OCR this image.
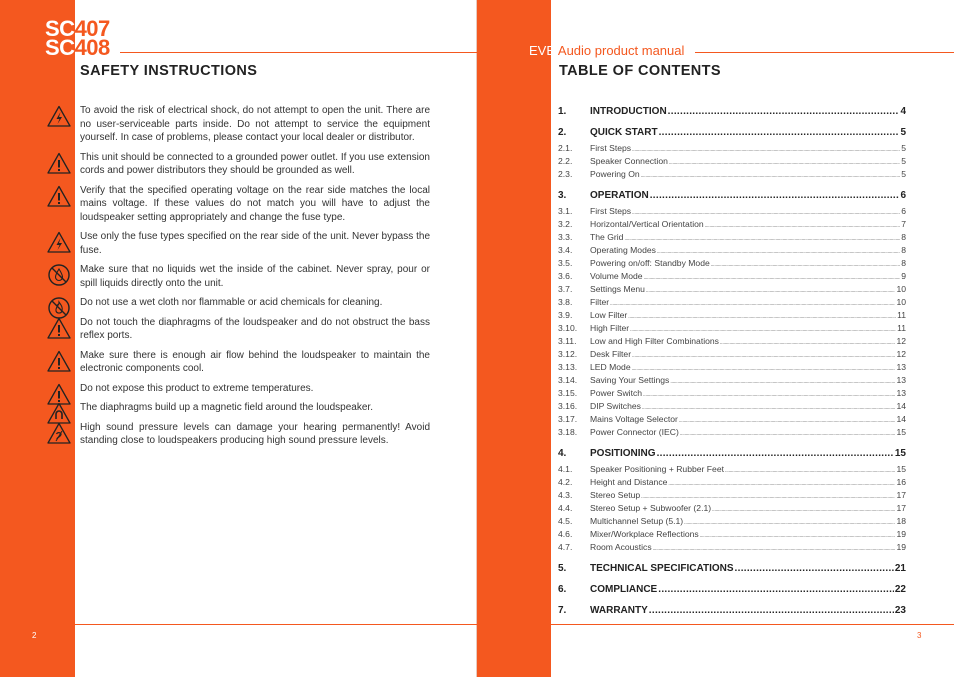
SC407
SC408	EVE Audio product manual
SAFETY INSTRUCTIONS	TABLE OF CONTENTS
To avoid the risk of electrical shock, do not attempt to open the unit. There are no user-serviceable parts inside. Do not attempt to service the equipment yourself. In case of problems, please contact your local dealer or distributor.
This unit should be connected to a grounded power outlet. If you use extension cords and power distributors they should be grounded as well.
Verify that the specified operating voltage on the rear side matches the local mains voltage. If these values do not match you will have to adjust the loudspeaker setting appropriately and change the fuse type.
Use only the fuse types specified on the rear side of the unit. Never bypass the fuse.
Make sure that no liquids wet the inside of the cabinet. Never spray, pour or spill liquids directly onto the unit.
Do not use a wet cloth nor flammable or acid chemicals for cleaning.
Do not touch the diaphragms of the loudspeaker and do not obstruct the bass reflex ports.
Make sure there is enough air flow behind the loudspeaker to maintain the electronic components cool.
Do not expose this product to extreme temperatures.
The diaphragms build up a magnetic field around the loudspeaker.
High sound pressure levels can damage your hearing permanently! Avoid standing close to loudspeakers producing high sound pressure levels.
1.	INTRODUCTION .....	4
2.	QUICK START .....	5
2.1.	First Steps .....	5
2.2.	Speaker Connection .....	5
2.3.	Powering On .....	5
3.	OPERATION .....	6
3.1.	First Steps .....	6
3.2.	Horizontal/Vertical Orientation .....	7
3.3.	The Grid .....	8
3.4.	Operating Modes .....	8
3.5.	Powering on/off: Standby Mode .....	8
3.6.	Volume Mode .....	9
3.7.	Settings Menu .....	10
3.8.	Filter .....	10
3.9.	Low Filter .....	11
3.10.	High Filter .....	11
3.11.	Low and High Filter Combinations .....	12
3.12.	Desk Filter .....	12
3.13.	LED Mode .....	13
3.14.	Saving Your Settings .....	13
3.15.	Power Switch .....	13
3.16.	DIP Switches .....	14
3.17.	Mains Voltage Selector .....	14
3.18.	Power Connector (IEC) .....	15
4.	POSITIONING .....	15
4.1.	Speaker Positioning + Rubber Feet .....	15
4.2.	Height and Distance .....	16
4.3.	Stereo Setup .....	17
4.4.	Stereo Setup + Subwoofer (2.1) .....	17
4.5.	Multichannel Setup (5.1) .....	18
4.6.	Mixer/Workplace Reflections .....	19
4.7.	Room Acoustics .....	19
5.	TECHNICAL SPECIFICATIONS .....	21
6.	COMPLIANCE .....	22
7.	WARRANTY .....	23
2	3
